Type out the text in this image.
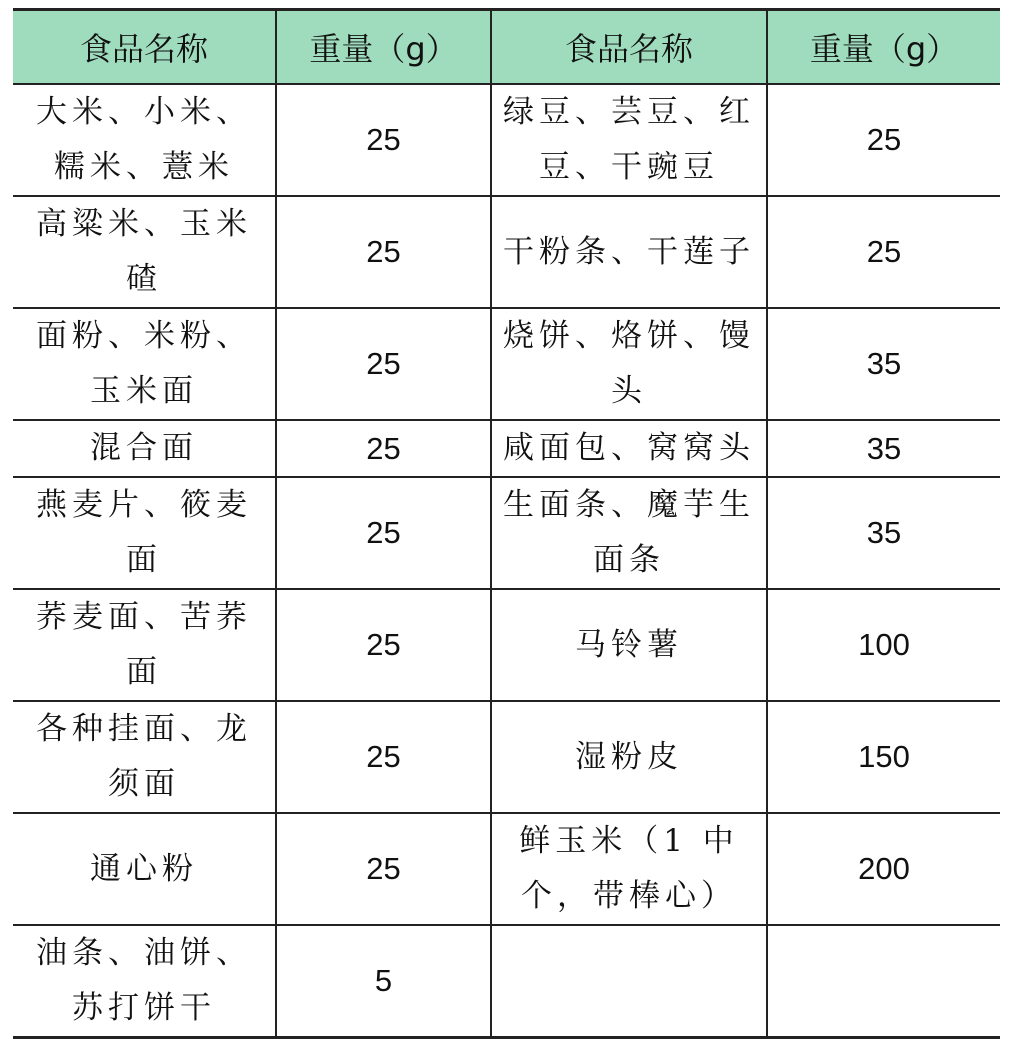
食品名称	重量（g）	食品名称	重量（g）
大米、小米、糯米、薏米	25	绿豆、芸豆、红豆、干豌豆	25
高粱米、玉米碴	25	干粉条、干莲子	25
面粉、米粉、玉米面	25	烧饼、烙饼、馒头	35
混合面	25	咸面包、窝窝头	35
燕麦片、筱麦面	25	生面条、魔芋生面条	35
荞麦面、苦荞面	25	马铃薯	100
各种挂面、龙须面	25	湿粉皮	150
通心粉	25	鲜玉米（1 中个，带棒心）	200
油条、油饼、苏打饼干	5		
